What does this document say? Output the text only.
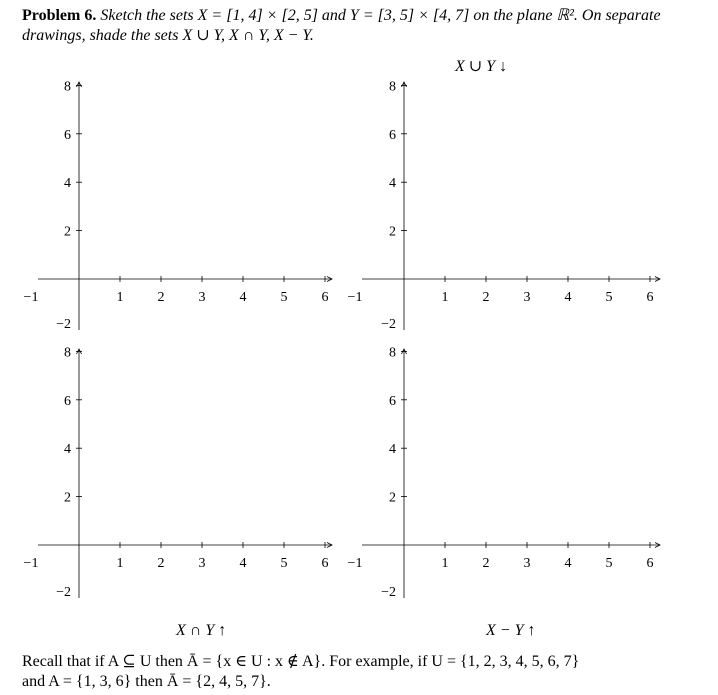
Problem 6. Sketch the sets X = [1, 4] × [2, 5] and Y = [3, 5] × [4, 7] on the plane ℝ². On separate drawings, shade the sets X ∪ Y, X ∩ Y, X − Y.
X ∪ Y ↓
−1	1 2 3 4 5 6
8
6
4
2
−2
−1	1 2 3 4 5 6
8
6
4
2
−2
−1	1 2 3 4 5 6
8
6
4
2
−2
−1	1 2 3 4 5 6
8
6
4
2
−2
X ∩ Y ↑	X − Y ↑
Recall that if A ⊆ U then Ā = {x ∈ U : x ∉ A}. For example, if U = {1, 2, 3, 4, 5, 6, 7}
and A = {1, 3, 6} then Ā = {2, 4, 5, 7}.
